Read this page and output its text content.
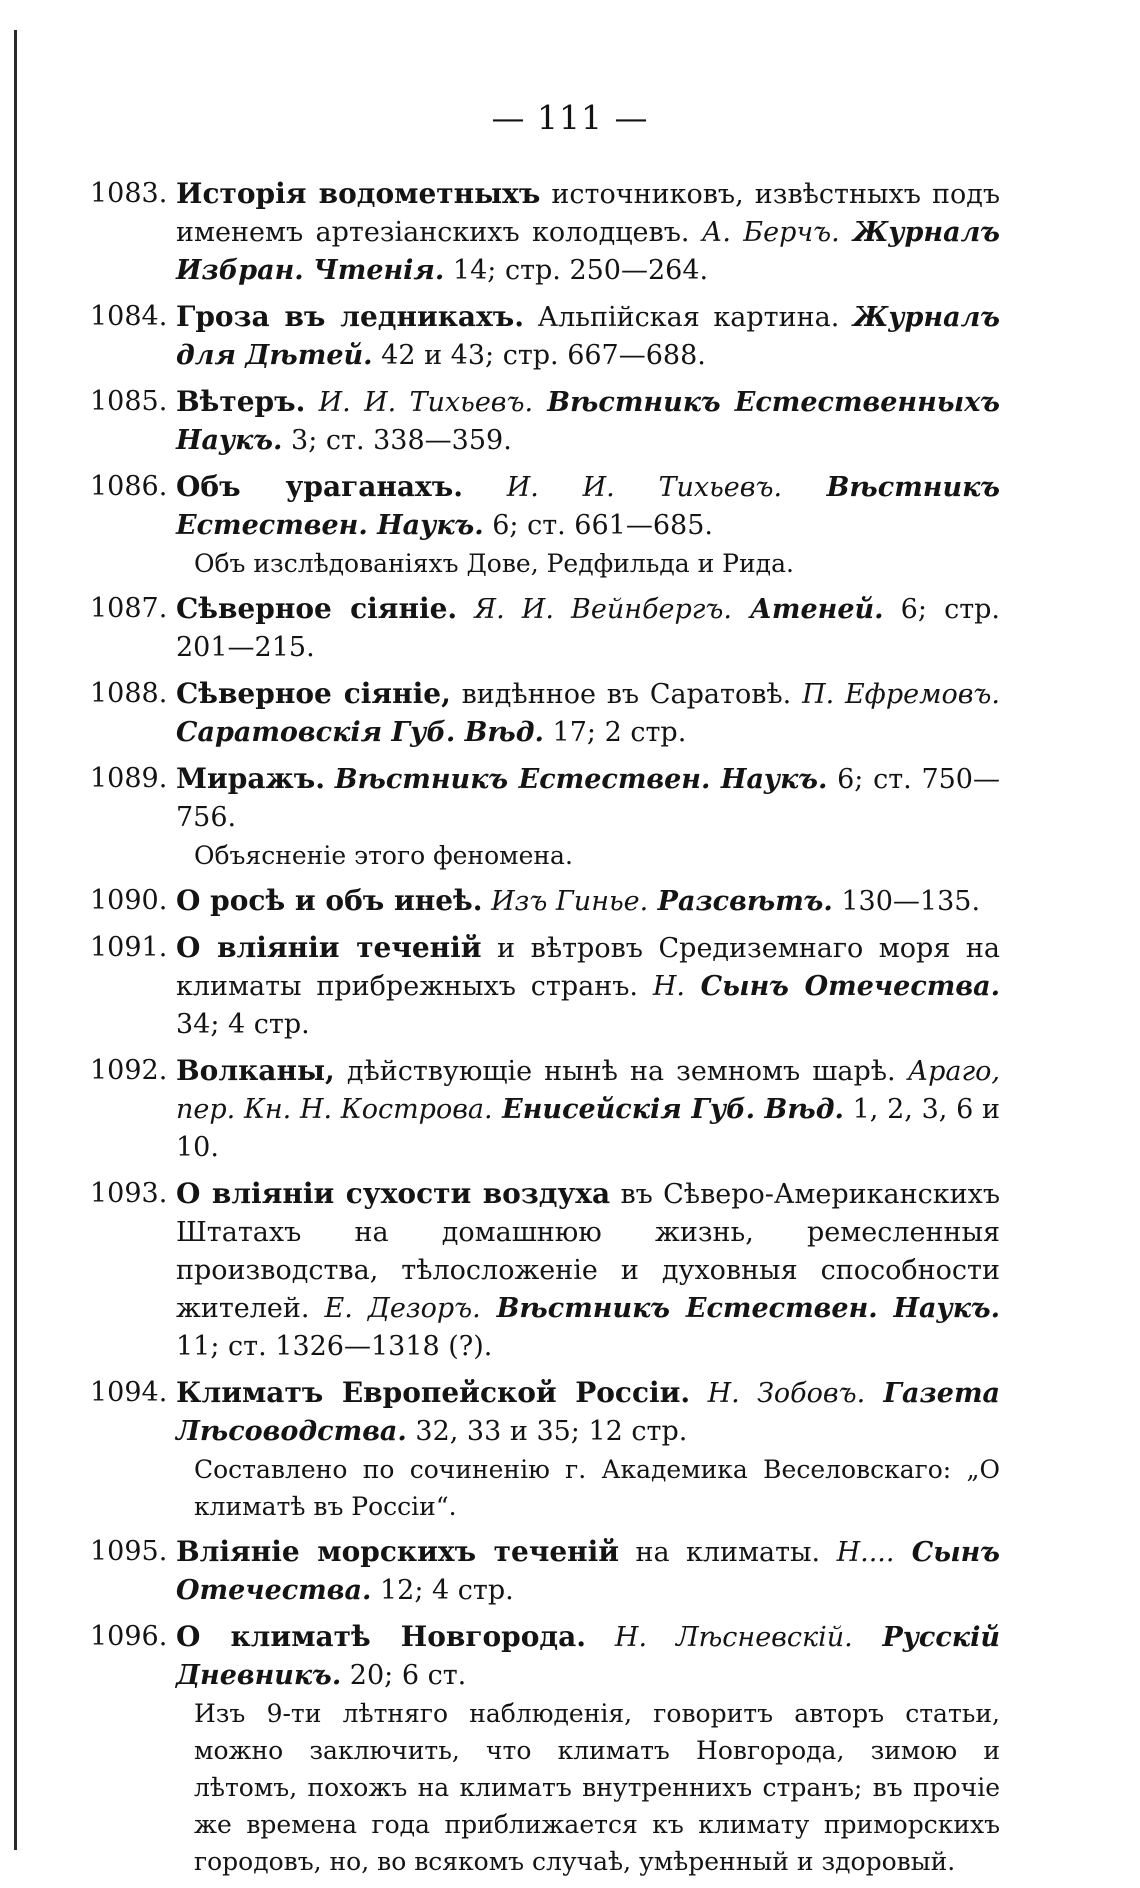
— 111 —
1083. Исторія водометныхъ источниковъ, извѣстныхъ подъ именемъ артезіанскихъ колодцевъ. А. Берчъ. Журналъ Избран. Чтенія. 14; стр. 250—264.
1084. Гроза въ ледникахъ. Альпійская картина. Журналъ для Дѣтей. 42 и 43; стр. 667—688.
1085. Вѣтеръ. И. И. Тихьевъ. Вѣстникъ Естественныхъ Наукъ. 3; ст. 338—359.
1086. Объ ураганахъ. И. И. Тихьевъ. Вѣстникъ Естествен. Наукъ. 6; ст. 661—685.
Объ изслѣдованіяхъ Дове, Редфильда и Рида.
1087. Сѣверное сіяніе. Я. И. Вейнбергъ. Атеней. 6; стр. 201—215.
1088. Сѣверное сіяніе, видѣнное въ Саратовѣ. П. Ефремовъ. Саратовскія Губ. Вѣд. 17; 2 стр.
1089. Миражъ. Вѣстникъ Естествен. Наукъ. 6; ст. 750—756.
Объясненіе этого феномена.
1090. О росѣ и объ инеѣ. Изъ Гинье. Разсвѣтъ. 130—135.
1091. О вліяніи теченій и вѣтровъ Средиземнаго моря на климаты прибрежныхъ странъ. Н. Сынъ Отечества. 34; 4 стр.
1092. Волканы, дѣйствующіе нынѣ на земномъ шарѣ. Араго, пер. Кн. Н. Кострова. Енисейскія Губ. Вѣд. 1, 2, 3, 6 и 10.
1093. О вліяніи сухости воздуха въ Сѣверо-Американскихъ Штатахъ на домашнюю жизнь, ремесленныя производства, тѣлосложеніе и духовныя способности жителей. Е. Дезоръ. Вѣстникъ Естествен. Наукъ. 11; ст. 1326—1318 (?).
1094. Климатъ Европейской Россіи. Н. Зобовъ. Газета Лѣсоводства. 32, 33 и 35; 12 стр.
Составлено по сочиненію г. Академика Веселовскаго: „О климатѣ въ Россіи“.
1095. Вліяніе морскихъ теченій на климаты. Н.... Сынъ Отечества. 12; 4 стр.
1096. О климатѣ Новгорода. Н. Лѣсневскій. Русскій Дневникъ. 20; 6 ст.
Изъ 9-ти лѣтняго наблюденія, говоритъ авторъ статьи, можно заключить, что климатъ Новгорода, зимою и лѣтомъ, похожъ на климатъ внутреннихъ странъ; въ прочіе же времена года приближается къ климату приморскихъ городовъ, но, во всякомъ случаѣ, умѣренный и здоровый.
